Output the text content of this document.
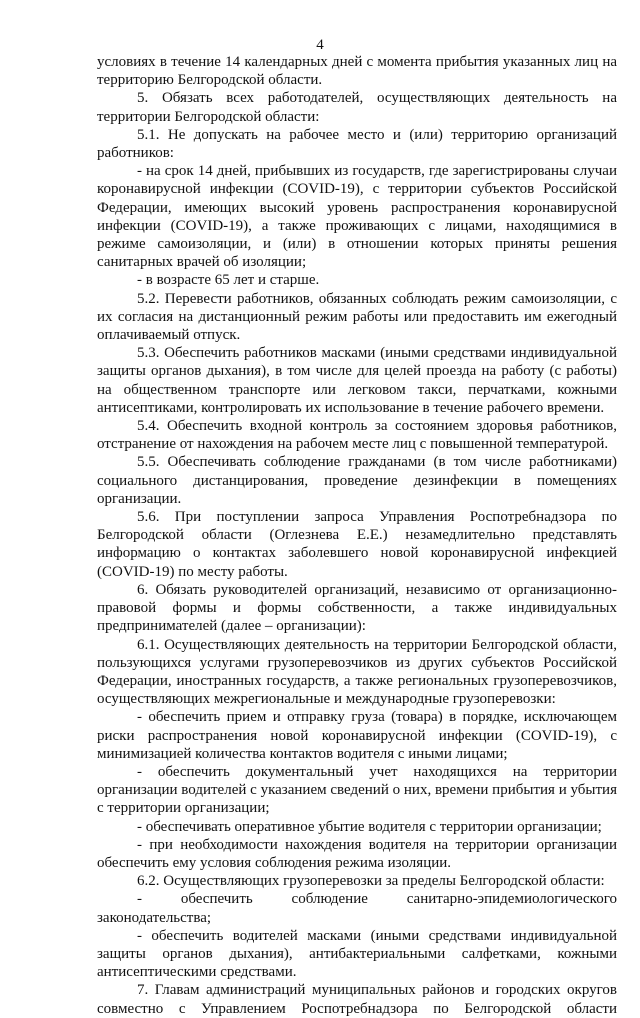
4

условиях в течение 14 календарных дней с момента прибытия указанных лиц на территорию Белгородской области.

5. Обязать всех работодателей, осуществляющих деятельность на территории Белгородской области:

5.1. Не допускать на рабочее место и (или) территорию организаций работников:

- на срок 14 дней, прибывших из государств, где зарегистрированы случаи коронавирусной инфекции (COVID-19), с территории субъектов Российской Федерации, имеющих высокий уровень распространения коронавирусной инфекции (COVID-19), а также проживающих с лицами, находящимися в режиме самоизоляции, и (или) в отношении которых приняты решения санитарных врачей об изоляции;

- в возрасте 65 лет и старше.

5.2. Перевести работников, обязанных соблюдать режим самоизоляции, с их согласия на дистанционный режим работы или предоставить им ежегодный оплачиваемый отпуск.

5.3. Обеспечить работников масками (иными средствами индивидуальной защиты органов дыхания), в том числе для целей проезда на работу (с работы) на общественном транспорте или легковом такси, перчатками, кожными антисептиками, контролировать их использование в течение рабочего времени.

5.4. Обеспечить входной контроль за состоянием здоровья работников, отстранение от нахождения на рабочем месте лиц с повышенной температурой.

5.5. Обеспечивать соблюдение гражданами (в том числе работниками) социального дистанцирования, проведение дезинфекции в помещениях организации.

5.6. При поступлении запроса Управления Роспотребнадзора по Белгородской области (Оглезнева Е.Е.) незамедлительно представлять информацию о контактах заболевшего новой коронавирусной инфекцией (COVID-19) по месту работы.

6. Обязать руководителей организаций, независимо от организационно-правовой формы и формы собственности, а также индивидуальных предпринимателей (далее – организации):

6.1. Осуществляющих деятельность на территории Белгородской области, пользующихся услугами грузоперевозчиков из других субъектов Российской Федерации, иностранных государств, а также региональных грузоперевозчиков, осуществляющих межрегиональные и международные грузоперевозки:

- обеспечить прием и отправку груза (товара) в порядке, исключающем риски распространения новой коронавирусной инфекции (COVID-19), с минимизацией количества контактов водителя с иными лицами;

- обеспечить документальный учет находящихся на территории организации водителей с указанием сведений о них, времени прибытия и убытия с территории организации;

- обеспечивать оперативное убытие водителя с территории организации;

- при необходимости нахождения водителя на территории организации обеспечить ему условия соблюдения режима изоляции.

6.2. Осуществляющих грузоперевозки за пределы Белгородской области:

- обеспечить соблюдение санитарно-эпидемиологического законодательства;

- обеспечить водителей масками (иными средствами индивидуальной защиты органов дыхания), антибактериальными салфетками, кожными антисептическими средствами.

7. Главам администраций муниципальных районов и городских округов совместно с Управлением Роспотребнадзора по Белгородской области
